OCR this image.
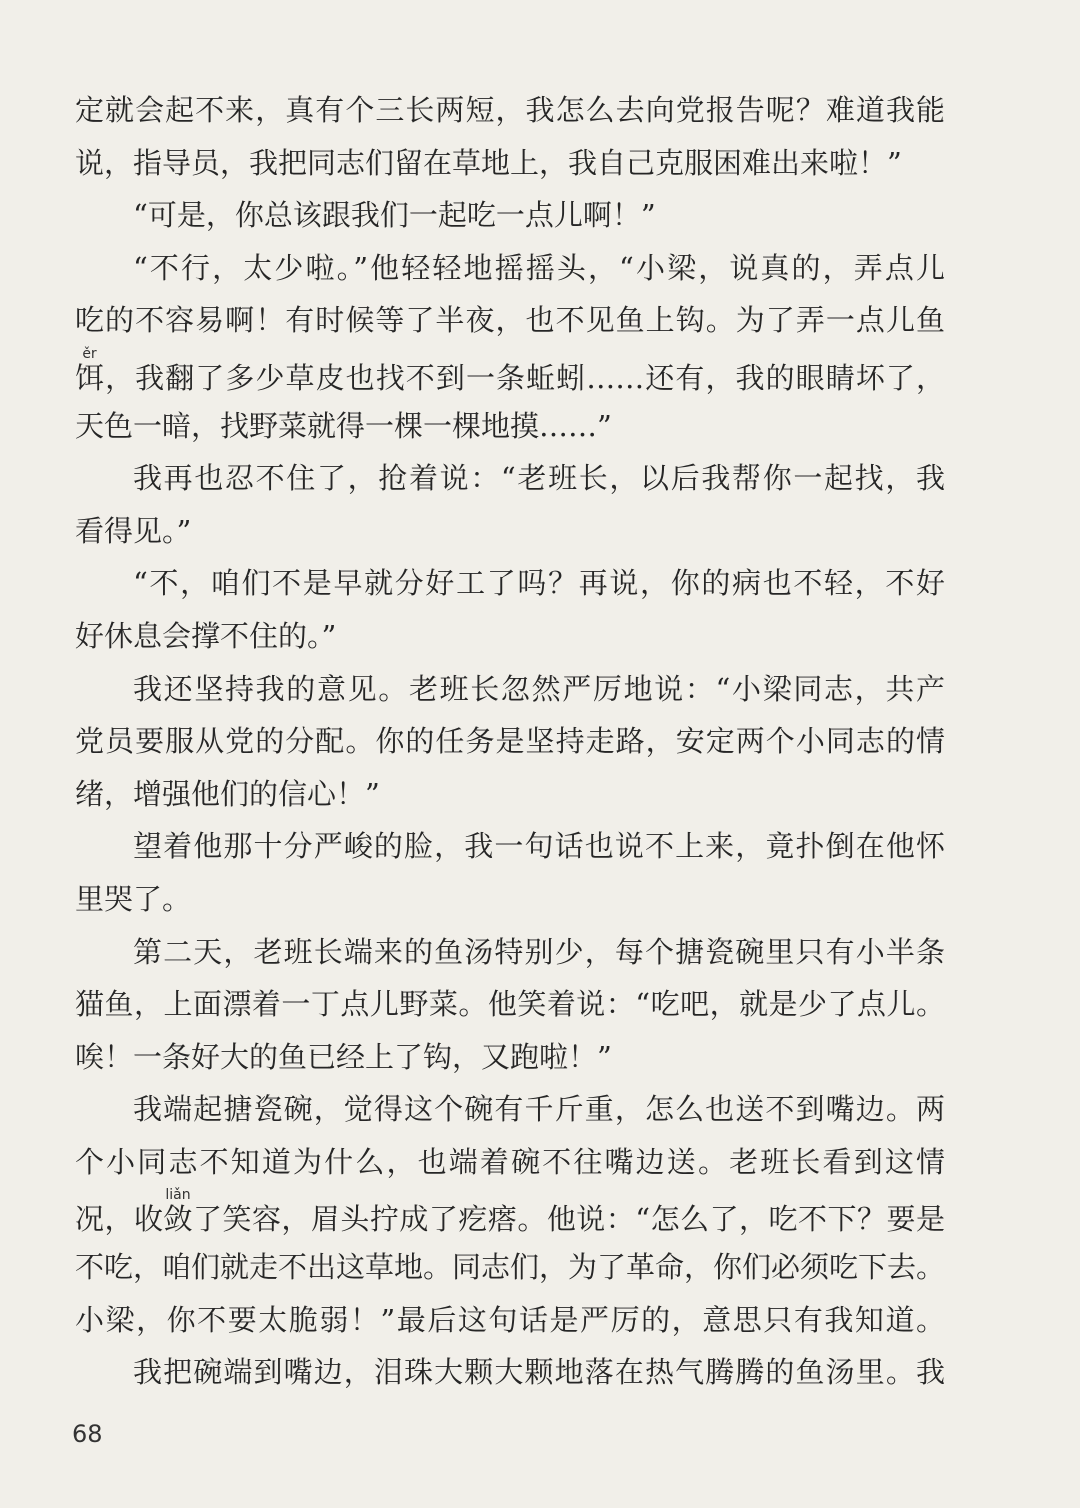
定就会起不来，真有个三长两短，我怎么去向党报告呢？难道我能
说，指导员，我把同志们留在草地上，我自己克服困难出来啦！”
“可是，你总该跟我们一起吃一点儿啊！”
“不行，太少啦。”他轻轻地摇摇头，“小梁，说真的，弄点儿
吃的不容易啊！有时候等了半夜，也不见鱼上钩。为了弄一点儿鱼
饵ěr，我翻了多少草皮也找不到一条蚯蚓……还有，我的眼睛坏了，
天色一暗，找野菜就得一棵一棵地摸……”
我再也忍不住了，抢着说：“老班长，以后我帮你一起找，我
看得见。”
“不，咱们不是早就分好工了吗？再说，你的病也不轻，不好
好休息会撑不住的。”
我还坚持我的意见。老班长忽然严厉地说：“小梁同志，共产
党员要服从党的分配。你的任务是坚持走路，安定两个小同志的情
绪，增强他们的信心！”
望着他那十分严峻的脸，我一句话也说不上来，竟扑倒在他怀
里哭了。
第二天，老班长端来的鱼汤特别少，每个搪瓷碗里只有小半条
猫鱼，上面漂着一丁点儿野菜。他笑着说：“吃吧，就是少了点儿。
唉！一条好大的鱼已经上了钩，又跑啦！”
我端起搪瓷碗，觉得这个碗有千斤重，怎么也送不到嘴边。两
个小同志不知道为什么，也端着碗不往嘴边送。老班长看到这情
况，收敛liǎn了笑容，眉头拧成了疙瘩。他说：“怎么了，吃不下？要是
不吃，咱们就走不出这草地。同志们，为了革命，你们必须吃下去。
小梁，你不要太脆弱！”最后这句话是严厉的，意思只有我知道。
我把碗端到嘴边，泪珠大颗大颗地落在热气腾腾的鱼汤里。我
68
